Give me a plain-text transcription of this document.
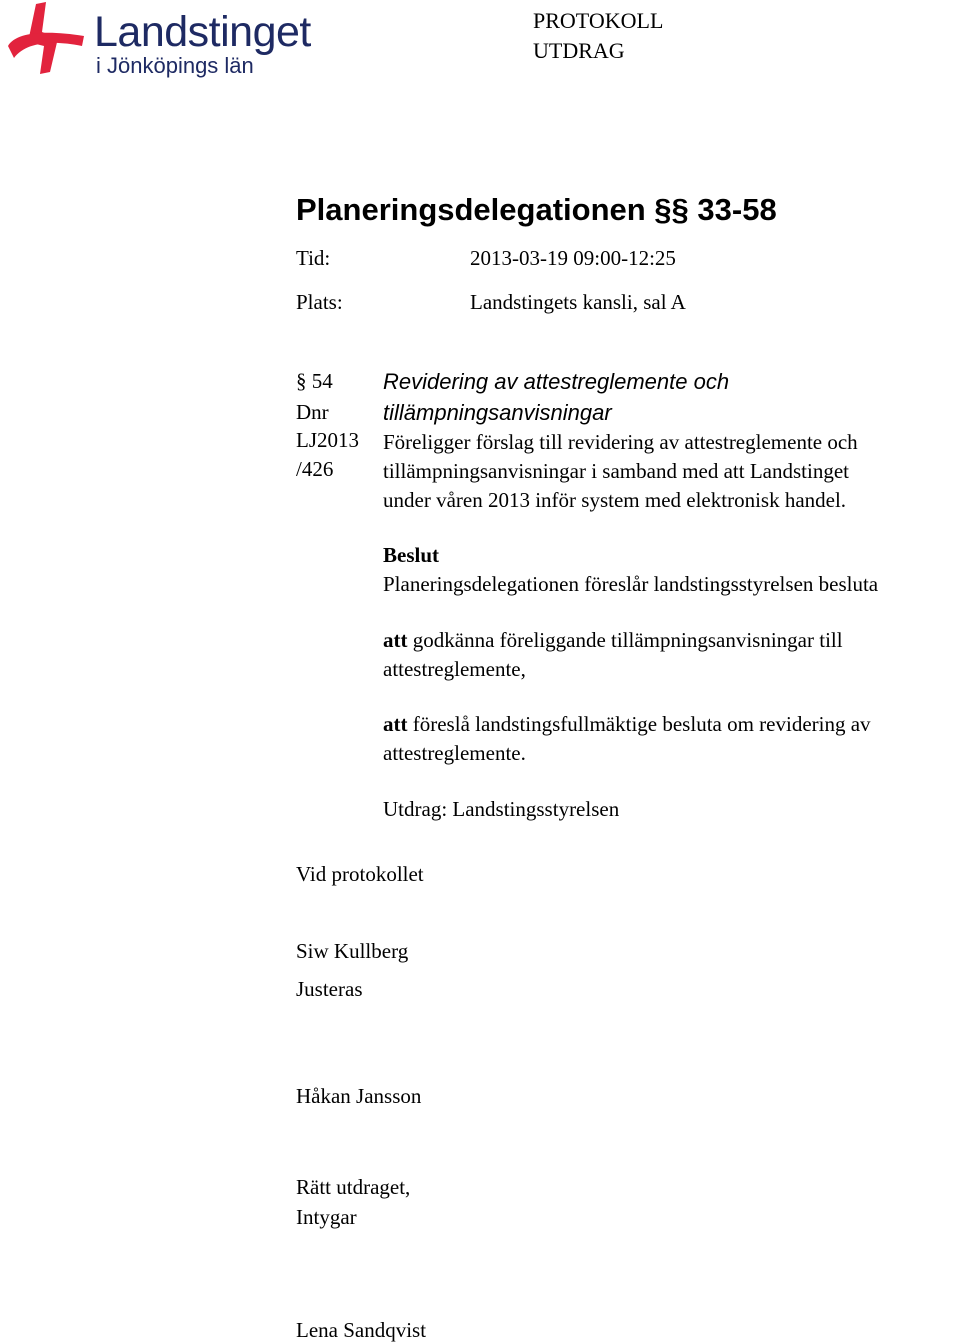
Landstinget
i Jönköpings län
PROTOKOLL
UTDRAG
Planeringsdelegationen §§ 33-58
Tid:	2013-03-19 09:00-12:25
Plats:	Landstingets kansli, sal A
§ 54
Dnr
LJ2013
/426
Revidering av attestreglemente och
tillämpningsanvisningar
Föreligger förslag till revidering av attestreglemente och
tillämpningsanvisningar i samband med att Landstinget
under våren 2013 inför system med elektronisk handel.
Beslut
Planeringsdelegationen föreslår landstingsstyrelsen besluta
att godkänna föreliggande tillämpningsanvisningar till
attestreglemente,
att föreslå landstingsfullmäktige besluta om revidering av
attestreglemente.
Utdrag: Landstingsstyrelsen
Vid protokollet
Siw Kullberg
Justeras
Håkan Jansson
Rätt utdraget,
Intygar
Lena Sandqvist
